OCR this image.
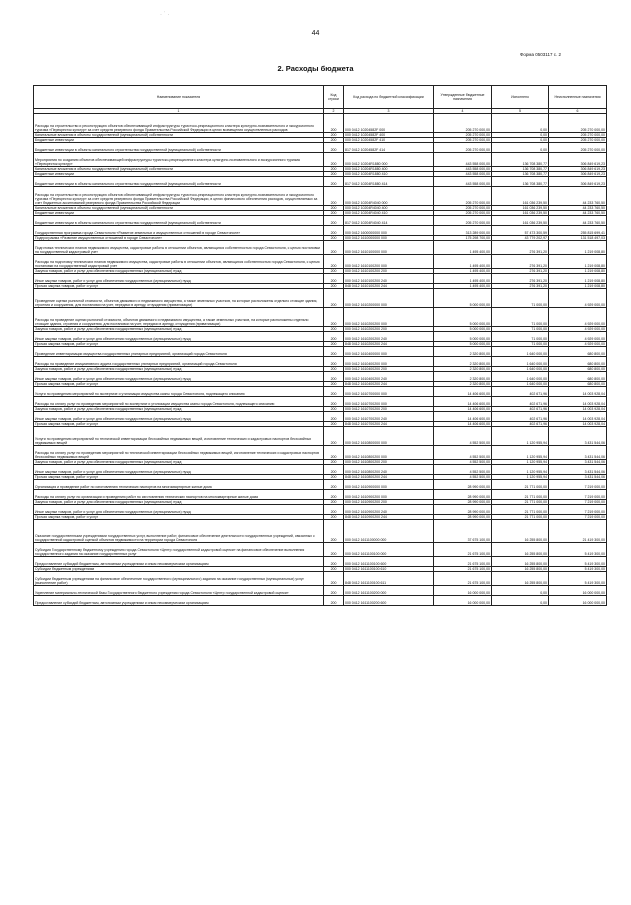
· ˙ ·
44
Форма 0503117 с. 2
2. Расходы бюджета
Наименование показателя	Код строки	Код расхода по бюджетной классификации	Утвержденные бюджетные назначения	Исполнено	Неисполненные назначения
1	2	3	4	5	6
Расходы на строительство и реконструкцию объектов обеспечивающей инфраструктуры туристско-рекреационного кластера культурно-познавательного и экскурсионного туризма «Перекресток культур» за счет средств резервного фонда Правительства Российской Федерации в целях возмещения осуществленных расходов	200	000 0412 10204582F 000	205 270 000,00	0,00	205 270 000,00
Капитальные вложения в объекты государственной (муниципальной) собственности	200	000 0412 10204582F 400	205 270 000,00	0,00	205 270 000,00
Бюджетные инвестиции	200	000 0412 10204582F 410	205 270 000,00	0,00	205 270 000,00
Бюджетные инвестиции в объекты капитального строительства государственной (муниципальной) собственности	200	817 0412 10204582F 414	205 270 000,00	0,00	205 270 000,00
Мероприятия по созданию объектов обеспечивающей инфраструктуры туристско-рекреационного кластера культурно-познавательного и экскурсионного туризма «Перекресток культур»	200	000 0412 10204R1880 000	443 558 000,00	136 708 380,77	306 849 619,23
Капитальные вложения в объекты государственной (муниципальной) собственности	200	000 0412 10204R1880 400	443 558 000,00	136 708 380,77	306 849 619,23
Бюджетные инвестиции	200	000 0412 10204R1880 410	443 558 000,00	136 708 380,77	306 849 619,23
Бюджетные инвестиции в объекты капитального строительства государственной (муниципальной) собственности	200	817 0412 10204R1880 414	443 558 000,00	136 708 380,77	306 849 619,23
Расходы на строительство и реконструкцию объектов обеспечивающей инфраструктуры туристско-рекреационного кластера культурно-познавательного и экскурсионного туризма «Перекресток культур» за счет средств резервного фонда Правительства Российской Федерации, в целях финансового обеспечения расходов, осуществляемых за счет бюджетных ассигнований резервного фонда Правительства Российской Федерации	200	000 0412 10204R4040 000	205 270 000,00	161 036 239,50	44 233 760,50
Капитальные вложения в объекты государственной (муниципальной) собственности	200	000 0412 10204R4040 400	205 270 000,00	161 036 239,50	44 233 760,50
Бюджетные инвестиции	200	000 0412 10204R4040 410	205 270 000,00	161 036 239,50	44 233 760,50
Бюджетные инвестиции в объекты капитального строительства государственной (муниципальной) собственности	200	817 0412 10204R4040 414	205 270 000,00	161 036 239,50	44 233 760,50
Государственная программа города Севастополя «Развитие земельных и имущественных отношений в городе Севастополе»	200	000 0412 1600000000 000	313 289 000,00	57 473 300,59	255 815 699,41
Подпрограмма «Развитие имущественных отношений в городе Севастополе»	200	000 0412 1610000000 000	175 298 700,00	43 779 202,97	131 518 497,03
Подготовка технических планов недвижимого имущества, кадастровые работы в отношении объектов, являющихся собственностью города Севастополя, с целью постановки на государственный кадастровый учет	200	000 0412 1610100000 000	1 495 400,00	276 391,20	1 219 008,80
Расходы на подготовку технических планов недвижимого имущества, кадастровые работы в отношении объектов, являющихся собственностью города Севастополя, с целью постановки на государственный кадастровый учет	200	000 0412 1610100200 000	1 495 400,00	276 391,20	1 219 008,80
Закупка товаров, работ и услуг для обеспечения государственных (муниципальных) нужд	200	000 0412 1610100200 200	1 495 400,00	276 391,20	1 219 008,80
Иные закупки товаров, работ и услуг для обеспечения государственных (муниципальных) нужд	200	000 0412 1610100200 240	1 495 400,00	276 391,20	1 219 008,80
Прочая закупка товаров, работ и услуг	200	848 0412 1610100200 244	1 495 400,00	276 391,20	1 219 008,80
Проведение оценки рыночной стоимости, объектов движимого и недвижимого имущества, а также земельных участков, на которые расположены отдельно стоящие здания, строения и сооружения, для постановки на учет, передачи в аренду, отчуждения (приватизации)	200	000 0412 1610200000 000	5 000 000,00	71 000,00	4 929 000,00
Расходы на проведение оценки рыночной стоимости, объектов движимого и недвижимого имущества, а также земельных участков, на которые расположены отдельно стоящие здания, строения и сооружения, для постановки на учет, передачи в аренду, отчуждения (приватизации)	200	000 0412 1610200200 000	5 000 000,00	71 000,00	4 929 000,00
Закупка товаров, работ и услуг для обеспечения государственных (муниципальных) нужд	200	000 0412 1610200200 200	5 000 000,00	71 000,00	4 929 000,00
Иные закупки товаров, работ и услуг для обеспечения государственных (муниципальных) нужд	200	000 0412 1610200200 240	5 000 000,00	71 000,00	4 929 000,00
Прочая закупка товаров, работ и услуг	200	848 0412 1610200200 244	5 000 000,00	71 000,00	4 929 000,00
Проведение инвентаризации имущества государственных унитарных предприятий, организаций города Севастополя	200	000 0412 1610400000 000	2 320 800,00	1 640 000,00	680 800,00
Расходы на проведение инициативного аудита государственных унитарных предприятий, организаций города Севастополя	200	000 0412 1610400200 000	2 320 800,00	1 640 000,00	680 800,00
Закупка товаров, работ и услуг для обеспечения государственных (муниципальных) нужд	200	000 0412 1610400200 200	2 320 800,00	1 640 000,00	680 800,00
Иные закупки товаров, работ и услуг для обеспечения государственных (муниципальных) нужд	200	000 0412 1610400200 240	2 320 800,00	1 640 000,00	680 800,00
Прочая закупка товаров, работ и услуг	200	848 0412 1610400200 244	2 320 800,00	1 640 000,00	680 800,00
Услуги по проведению мероприятий по экспертизе и утилизации имущества казны города Севастополя, подлежащего списанию	200	000 0412 1610700000 000	14 406 600,00	402 671,96	14 003 928,04
Расходы на оплату услуг по проведению мероприятий по экспертизе и утилизации имущества казны города Севастополя, подлежащего списанию	200	000 0412 1610700200 000	14 406 600,00	402 671,96	14 003 928,04
Закупка товаров, работ и услуг для обеспечения государственных (муниципальных) нужд	200	000 0412 1610700200 200	14 406 600,00	402 671,96	14 003 928,04
Иные закупки товаров, работ и услуг для обеспечения государственных (муниципальных) нужд	200	000 0412 1610700200 240	14 406 600,00	402 671,96	14 003 928,04
Прочая закупка товаров, работ и услуг	200	848 0412 1610700200 244	14 406 600,00	402 671,96	14 003 928,04
Услуги по проведению мероприятий по технической инвентаризации бесхозяйных недвижимых вещей, изготовление технических и кадастровых паспортов бесхозяйных недвижимых вещей	200	000 0412 1610800000 000	4 552 500,00	1 120 955,94	3 431 544,06
Расходы на оплату услуг по проведению мероприятий по технической инвентаризации бесхозяйных недвижимых вещей, изготовление технических и кадастровых паспортов бесхозяйных недвижимых вещей	200	000 0412 1610800200 000	4 552 500,00	1 120 955,94	3 431 544,06
Закупка товаров, работ и услуг для обеспечения государственных (муниципальных) нужд	200	000 0412 1610800200 200	4 552 500,00	1 120 955,94	3 431 544,06
Иные закупки товаров, работ и услуг для обеспечения государственных (муниципальных) нужд	200	000 0412 1610800200 240	4 552 500,00	1 120 955,94	3 431 544,06
Прочая закупка товаров, работ и услуг	200	848 0412 1610800200 244	4 552 500,00	1 120 955,94	3 431 544,06
Организация и проведение работ по изготовлению технических паспортов на многоквартирные жилые дома	200	000 0412 1610900000 000	28 990 000,00	21 771 000,00	7 219 000,00
Расходы на оплату услуг по организации и проведению работ по изготовлению технических паспортов на многоквартирные жилые дома	200	000 0412 1610900200 000	28 990 000,00	21 771 000,00	7 219 000,00
Закупка товаров, работ и услуг для обеспечения государственных (муниципальных) нужд	200	000 0412 1610900200 200	28 990 000,00	21 771 000,00	7 219 000,00
Иные закупки товаров, работ и услуг для обеспечения государственных (муниципальных) нужд	200	000 0412 1610900200 240	28 990 000,00	21 771 000,00	7 219 000,00
Прочая закупка товаров, работ и услуг	200	848 0412 1610900200 244	28 990 000,00	21 771 000,00	7 219 000,00
Оказание государственными учреждениями государственных услуг, выполнение работ, финансовое обеспечение деятельности государственных учреждений, связанных с государственной кадастровой оценкой объектов недвижимости на территории города Севастополя	200	000 0412 1611100000 000	37 675 100,00	16 255 800,00	21 419 300,00
Субсидия Государственному бюджетному учреждению города Севастополя «Центр государственной кадастровой оценки» на финансовое обеспечение выполнения государственного задания на оказание государственных услуг	200	000 0412 1611100100 000	21 675 100,00	16 255 800,00	5 419 300,00
Предоставление субсидий бюджетным, автономным учреждениям и иным некоммерческим организациям	200	000 0412 1611100100 600	21 675 100,00	16 255 800,00	5 419 300,00
Субсидии бюджетным учреждениям	200	000 0412 1611100100 610	21 675 100,00	16 255 800,00	5 419 300,00
Субсидии бюджетным учреждениям на финансовое обеспечение государственного (муниципального) задания на оказание государственных (муниципальных) услуг (выполнение работ)	200	848 0412 1611100100 611	21 675 100,00	16 255 800,00	5 419 300,00
Укрепление материально-технической базы Государственного бюджетного учреждения города Севастополя «Центр государственной кадастровой оценки»	200	000 0412 1611100200 000	16 000 000,00	0,00	16 000 000,00
Предоставление субсидий бюджетным, автономным учреждениям и иным некоммерческим организациям	200	000 0412 1611100200 600	16 000 000,00	0,00	16 000 000,00
